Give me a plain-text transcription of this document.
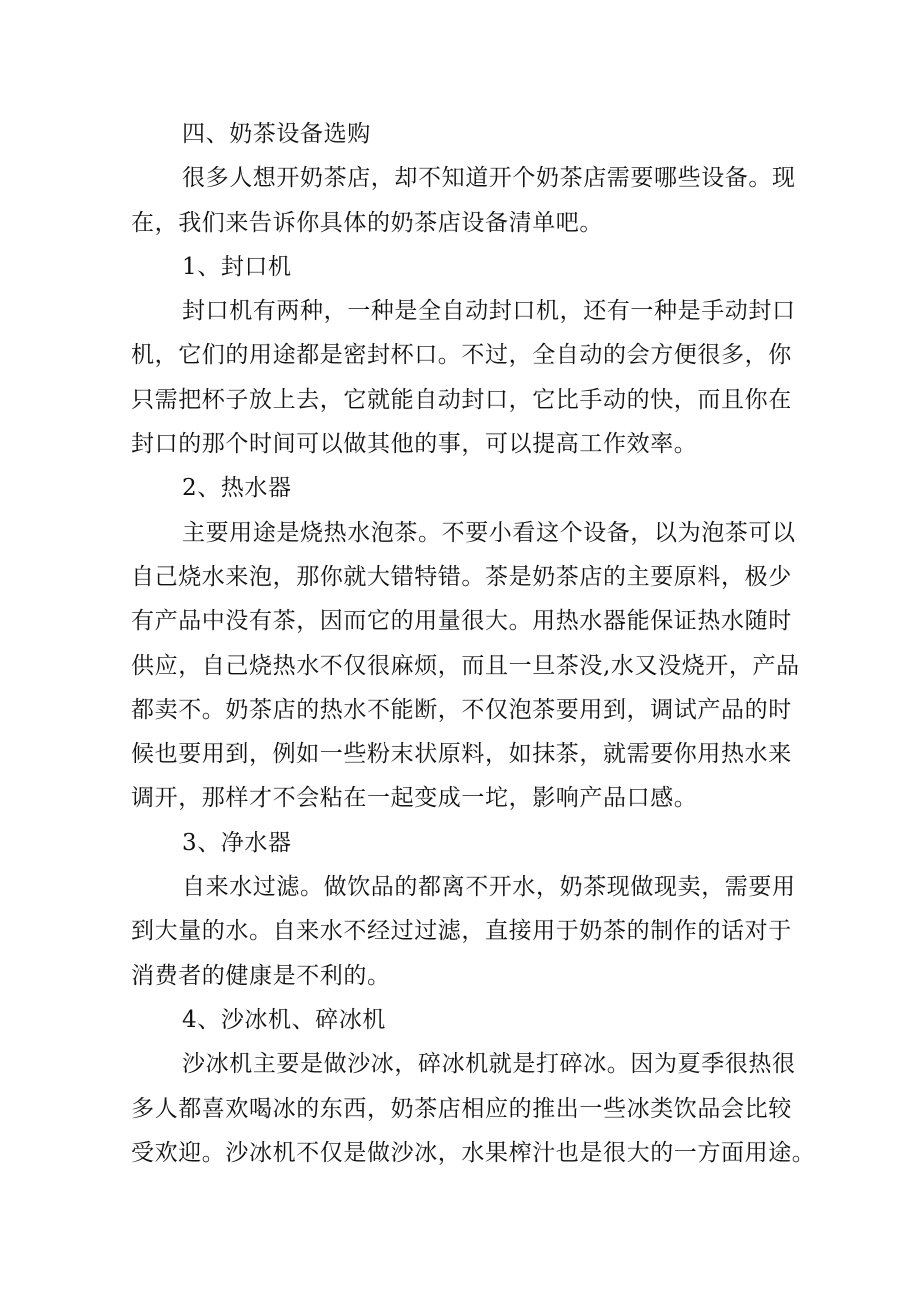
四、奶茶设备选购
很多人想开奶茶店，却不知道开个奶茶店需要哪些设备。现
在，我们来告诉你具体的奶茶店设备清单吧。
1、封口机
封口机有两种，一种是全自动封口机，还有一种是手动封口
机，它们的用途都是密封杯口。不过，全自动的会方便很多，你
只需把杯子放上去，它就能自动封口，它比手动的快，而且你在
封口的那个时间可以做其他的事，可以提高工作效率。
2、热水器
主要用途是烧热水泡茶。不要小看这个设备，以为泡茶可以
自己烧水来泡，那你就大错特错。茶是奶茶店的主要原料，极少
有产品中没有茶，因而它的用量很大。用热水器能保证热水随时
供应，自己烧热水不仅很麻烦，而且一旦茶没,水又没烧开，产品
都卖不。奶茶店的热水不能断，不仅泡茶要用到，调试产品的时
候也要用到，例如一些粉末状原料，如抹茶，就需要你用热水来
调开，那样才不会粘在一起变成一坨，影响产品口感。
3、净水器
自来水过滤。做饮品的都离不开水，奶茶现做现卖，需要用
到大量的水。自来水不经过过滤，直接用于奶茶的制作的话对于
消费者的健康是不利的。
4、沙冰机、碎冰机
沙冰机主要是做沙冰，碎冰机就是打碎冰。因为夏季很热很
多人都喜欢喝冰的东西，奶茶店相应的推出一些冰类饮品会比较
受欢迎。沙冰机不仅是做沙冰，水果榨汁也是很大的一方面用途。
